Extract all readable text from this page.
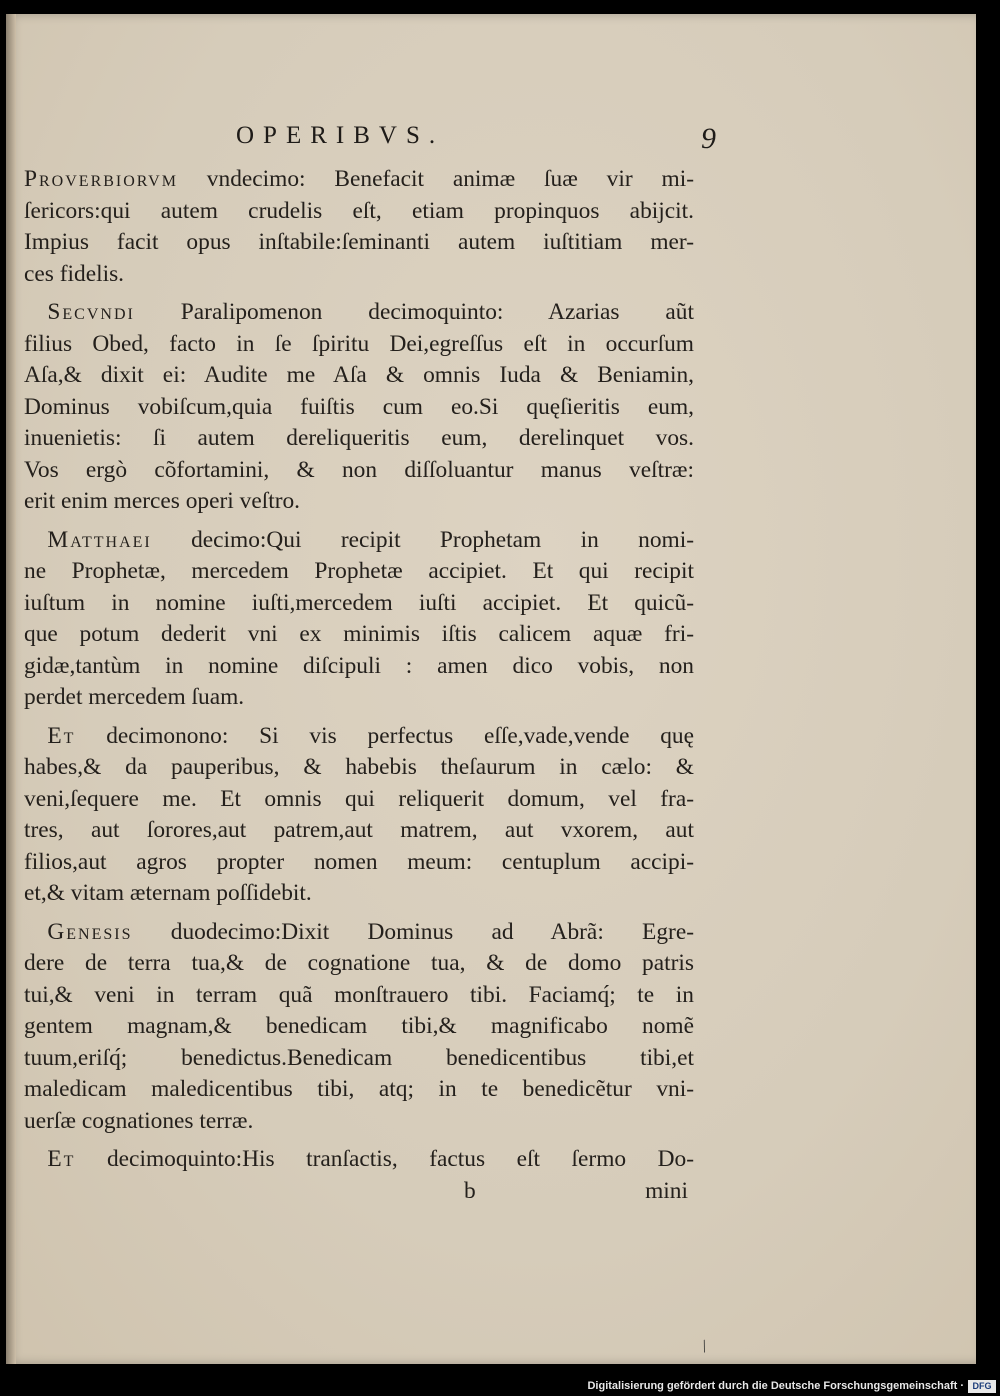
OPERIBVS.	9
Proverbiorvm vndecimo: Benefacit animæ ſuæ vir mi-
ſericors:qui autem crudelis eſt, etiam propinquos abijcit.
Impius facit opus inſtabile:ſeminanti autem iuſtitiam mer-
ces fidelis.
 Secvndi Paralipomenon decimoquinto: Azarias aũt
filius Obed, facto in ſe ſpiritu Dei,egreſſus eſt in occurſum
Aſa,& dixit ei: Audite me Aſa & omnis Iuda & Beniamin,
Dominus vobiſcum,quia fuiſtis cum eo.Si quęſieritis eum,
inuenietis: ſi autem dereliqueritis eum, derelinquet vos.
Vos ergò cõfortamini, & non diſſoluantur manus veſtræ:
erit enim merces operi veſtro.
 Matthaei decimo:Qui recipit Prophetam in nomi-
ne Prophetæ, mercedem Prophetæ accipiet. Et qui recipit
iuſtum in nomine iuſti,mercedem iuſti accipiet. Et quicũ-
que potum dederit vni ex minimis iſtis calicem aquæ fri-
gidæ,tantùm in nomine diſcipuli : amen dico vobis, non
perdet mercedem ſuam.
 Et decimonono: Si vis perfectus eſſe,vade,vende quę
habes,& da pauperibus, & habebis theſaurum in cælo: &
veni,ſequere me. Et omnis qui reliquerit domum, vel fra-
tres, aut ſorores,aut patrem,aut matrem, aut vxorem, aut
filios,aut agros propter nomen meum: centuplum accipi-
et,& vitam æternam poſſidebit.
 Genesis duodecimo:Dixit Dominus ad Abrã: Egre-
dere de terra tua,& de cognatione tua, & de domo patris
tui,& veni in terram quã monſtrauero tibi. Faciamq́; te in
gentem magnam,& benedicam tibi,& magnificabo nomẽ
tuum,eriſq́; benedictus.Benedicam benedicentibus tibi,et
maledicam maledicentibus tibi, atq; in te benedicẽtur vni-
uerſæ cognationes terræ.
 Et decimoquinto:His tranſactis, factus eſt ſermo Do-
b	mini
/
Digitalisierung gefördert durch die Deutsche Forschungsgemeinschaft · DFG
